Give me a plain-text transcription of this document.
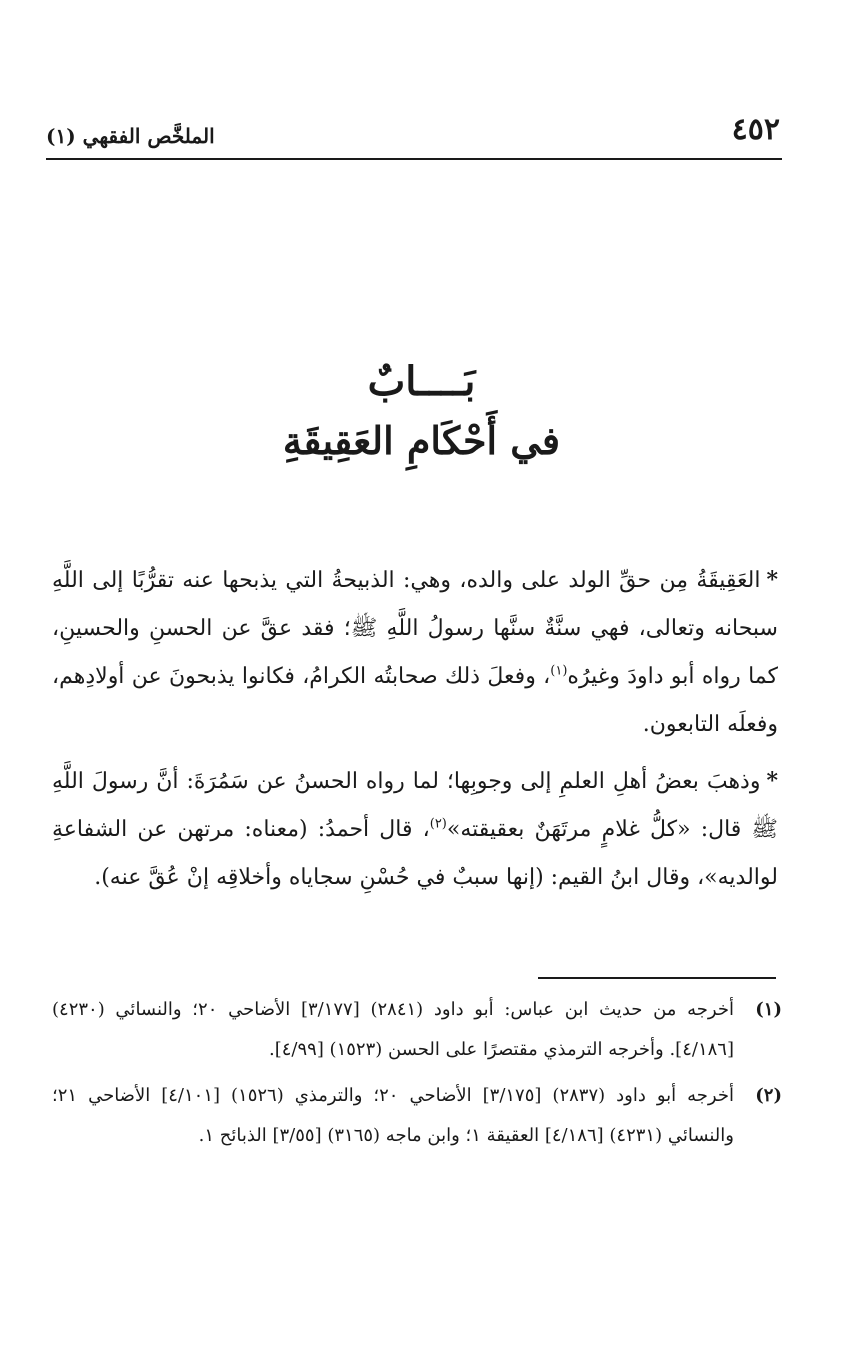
٤٥٢
الملخَّص الفقهي (١)
بَــــابٌ
في أَحْكَامِ العَقِيقَةِ

*العَقِيقَةُ مِن حقِّ الولد على والده، وهي: الذبيحةُ التي يذبحها عنه تقرُّبًا إلى اللَّهِ سبحانه وتعالى، فهي سنَّةٌ سنَّها رسولُ اللَّهِ ﷺ؛ فقد عقَّ عن الحسنِ والحسينِ، كما رواه أبو داودَ وغيرُه$^{(١)}$، وفعلَ ذلك صحابتُه الكرامُ، فكانوا يذبحونَ عن أولادِهم، وفعلَه التابعون.

*وذهبَ بعضُ أهلِ العلمِ إلى وجوبِها؛ لما رواه الحسنُ عن سَمُرَةَ: أنَّ رسولَ اللَّهِ ﷺ قال: «كلُّ غلامٍ مرتَهَنٌ بعقيقته»$^{(٢)}$، قال أحمدُ: (معناه: مرتهن عن الشفاعةِ لوالديه»، وقال ابنُ القيم: (إنها سببٌ في حُسْنِ سجاياه وأخلاقِه إنْ عُقَّ عنه).

(١)
أخرجه من حديث ابن عباس: أبو داود (٢٨٤١) [٣/١٧٧] الأضاحي ٢٠؛ والنسائي (٤٢٣٠) [٤/١٨٦]. وأخرجه الترمذي مقتصرًا على الحسن (١٥٢٣) [٤/٩٩].
(٢)
أخرجه أبو داود (٢٨٣٧) [٣/١٧٥] الأضاحي ٢٠؛ والترمذي (١٥٢٦) [٤/١٠١] الأضاحي ٢١؛ والنسائي (٤٢٣١) [٤/١٨٦] العقيقة ١؛ وابن ماجه (٣١٦٥) [٣/٥٥] الذبائح ١.
